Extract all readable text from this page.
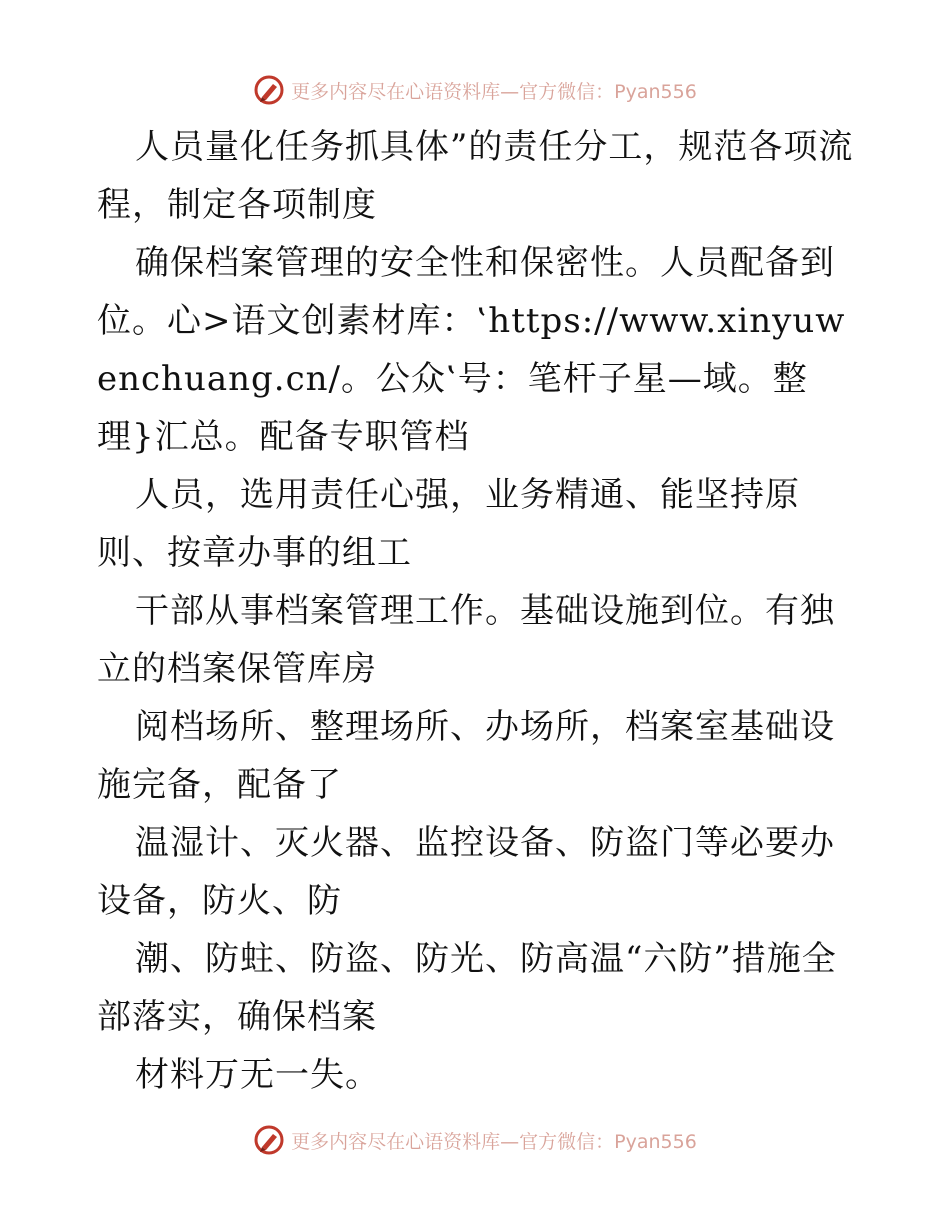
更多内容尽在心语资料库—官方微信：Pyan556

人员量化任务抓具体”的责任分工，规范各项流程，制定各项制度

确保档案管理的安全性和保密性。人员配备到位。心>语文创素材库：‛https://www.xinyuwenchuang.cn/。公众‛号：笔杆子星—域。整理}汇总。配备专职管档

人员，选用责任心强，业务精通、能坚持原则、按章办事的组工

干部从事档案管理工作。基础设施到位。有独立的档案保管库房

阅档场所、整理场所、办场所，档案室基础设施完备，配备了

温湿计、灭火器、监控设备、防盗门等必要办设备，防火、防

潮、防蛀、防盗、防光、防高温“六防”措施全部落实，确保档案

材料万无一失。

更多内容尽在心语资料库—官方微信：Pyan556
